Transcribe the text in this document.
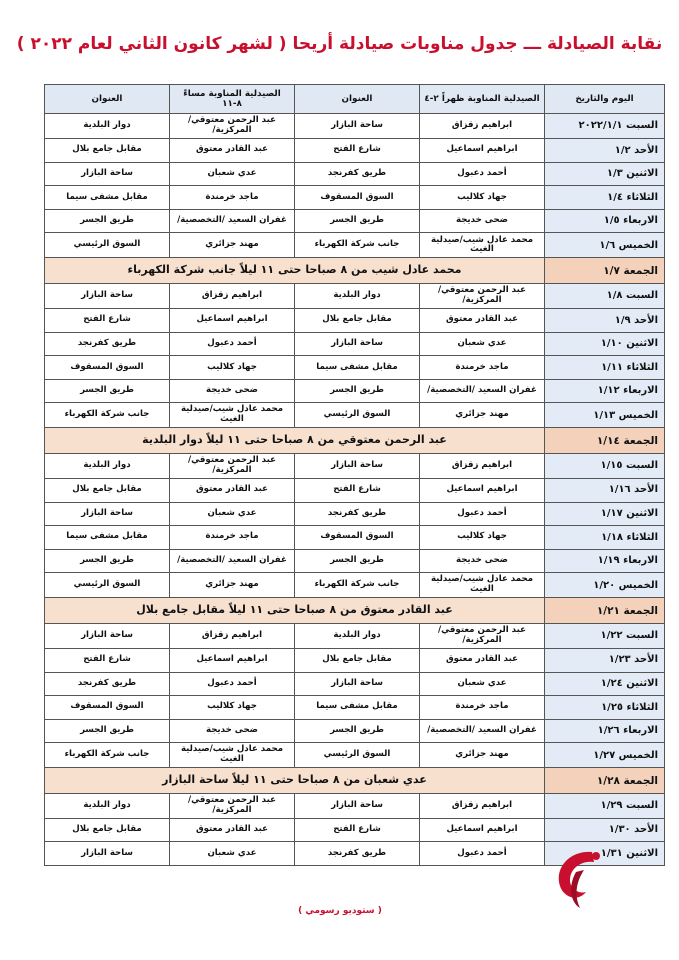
نقابة الصيادلة ـــ جدول مناوبات صيادلة أريحا ( لشهر كانون الثاني لعام ٢٠٢٢ )
اليوم والتاريخ	الصيدلية المناوبة ظهراً ٢-٤	العنوان	الصيدلية المناوبة مساءً ٨-١١	العنوان
السبت ٢٠٢٢/١/١	ابراهيم زقزاق	ساحة البازار	عبد الرحمن معتوقي/المركزية/	دوار البلدية
الأحد ١/٢	ابراهيم اسماعيل	شارع الفتح	عبد القادر معتوق	مقابل جامع بلال
الاثنين ١/٣	أحمد دعبول	طريق كفرنجد	عدي شعبان	ساحة البازار
الثلاثاء ١/٤	جهاد كلاليب	السوق المسقوف	ماجد خرمندة	مقابل مشفى سيما
الاربعاء ١/٥	ضحى خديجة	طريق الجسر	غفران السعيد /التخصصية/	طريق الجسر
الخميس ١/٦	محمد عادل شيب/صيدلية الغيث	جانب شركة الكهرباء	مهند جزائري	السوق الرئيسي
الجمعة ١/٧	محمد عادل شيب من ٨ صباحا حتى ١١ ليلاً جانب شركة الكهرباء			
السبت ١/٨	عبد الرحمن معتوقي/المركزية/	دوار البلدية	ابراهيم زقزاق	ساحة البازار
الأحد ١/٩	عبد القادر معتوق	مقابل جامع بلال	ابراهيم اسماعيل	شارع الفتح
الاثنين ١/١٠	عدي شعبان	ساحة البازار	أحمد دعبول	طريق كفرنجد
الثلاثاء ١/١١	ماجد خرمندة	مقابل مشفى سيما	جهاد كلاليب	السوق المسقوف
الاربعاء ١/١٢	غفران السعيد /التخصصية/	طريق الجسر	ضحى خديجة	طريق الجسر
الخميس ١/١٣	مهند جزائري	السوق الرئيسي	محمد عادل شيب/صيدلية الغيث	جانب شركة الكهرباء
الجمعة ١/١٤	عبد الرحمن معتوقي من ٨ صباحا حتى ١١ ليلاً دوار البلدية			
السبت ١/١٥	ابراهيم زقزاق	ساحة البازار	عبد الرحمن معتوقي/المركزية/	دوار البلدية
الأحد ١/١٦	ابراهيم اسماعيل	شارع الفتح	عبد القادر معتوق	مقابل جامع بلال
الاثنين ١/١٧	أحمد دعبول	طريق كفرنجد	عدي شعبان	ساحة البازار
الثلاثاء ١/١٨	جهاد كلاليب	السوق المسقوف	ماجد خرمندة	مقابل مشفى سيما
الاربعاء ١/١٩	ضحى خديجة	طريق الجسر	غفران السعيد /التخصصية/	طريق الجسر
الخميس ١/٢٠	محمد عادل شيب/صيدلية الغيث	جانب شركة الكهرباء	مهند جزائري	السوق الرئيسي
الجمعة ١/٢١	عبد القادر معتوق من ٨ صباحا حتى ١١ ليلاً مقابل جامع بلال			
السبت ١/٢٢	عبد الرحمن معتوقي/المركزية/	دوار البلدية	ابراهيم زقزاق	ساحة البازار
الأحد ١/٢٣	عبد القادر معتوق	مقابل جامع بلال	ابراهيم اسماعيل	شارع الفتح
الاثنين ١/٢٤	عدي شعبان	ساحة البازار	أحمد دعبول	طريق كفرنجد
الثلاثاء ١/٢٥	ماجد خرمندة	مقابل مشفى سيما	جهاد كلاليب	السوق المسقوف
الاربعاء ١/٢٦	غفران السعيد /التخصصية/	طريق الجسر	ضحى خديجة	طريق الجسر
الخميس ١/٢٧	مهند جزائري	السوق الرئيسي	محمد عادل شيب/صيدلية الغيث	جانب شركة الكهرباء
الجمعة ١/٢٨	عدي شعبان من ٨ صباحا حتى ١١ ليلاً ساحة البازار			
السبت ١/٢٩	ابراهيم زقزاق	ساحة البازار	عبد الرحمن معتوقي/المركزية/	دوار البلدية
الأحد ١/٣٠	ابراهيم اسماعيل	شارع الفتح	عبد القادر معتوق	مقابل جامع بلال
الاثنين ١/٣١	أحمد دعبول	طريق كفرنجد	عدي شعبان	ساحة البازار
( ستوديو رسومي )
